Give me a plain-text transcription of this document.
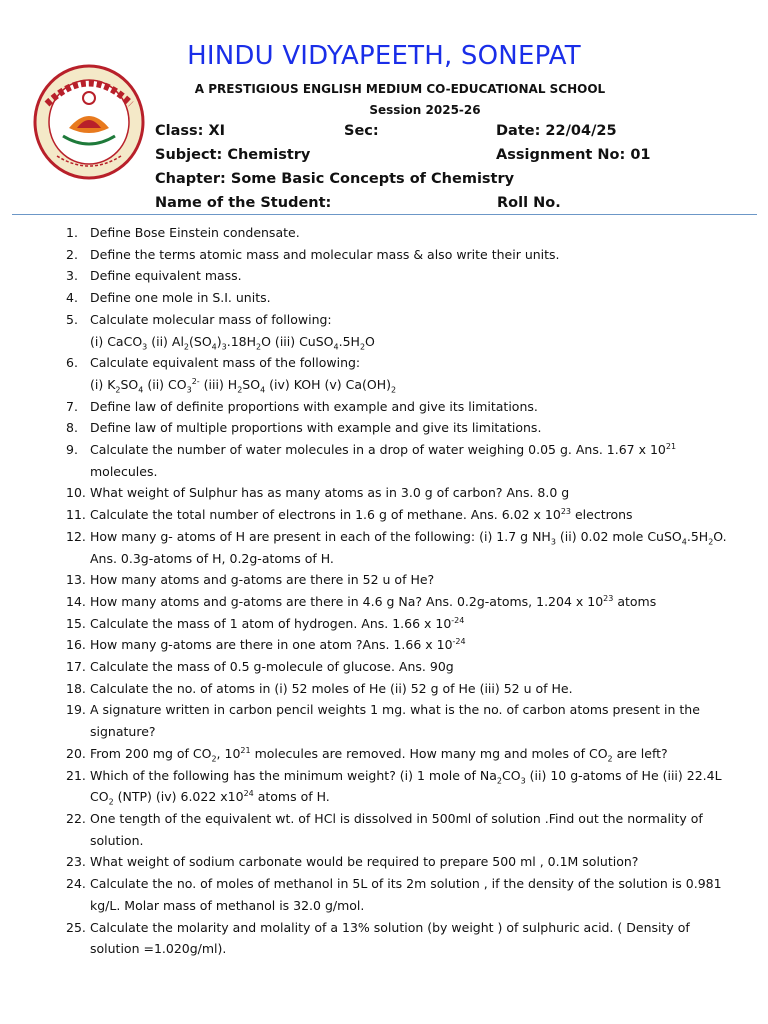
HINDU VIDYAPEETH, SONEPAT
A PRESTIGIOUS ENGLISH MEDIUM CO-EDUCATIONAL SCHOOL
Session 2025-26
Class: XI	Sec:	Date: 22/04/25
Subject: Chemistry	Assignment No: 01
Chapter: Some Basic Concepts of Chemistry
Name of the Student:	Roll No.
1. Define Bose Einstein condensate.
2. Define the terms atomic mass and molecular mass & also write their units.
3. Define equivalent mass.
4. Define one mole in S.I. units.
5. Calculate molecular mass of following:
(i) CaCO$_3$ (ii) $Al_2(SO_4)_3.18H_2O$ (iii) $CuSO_4.5H_2O$
6. Calculate equivalent mass of the following:
(i) $K_2SO_4$ (ii) $CO_3^{2-}$ (iii) $H_2SO_4$ (iv) KOH (v) $Ca(OH)_2$
7. Define law of definite proportions with example and give its limitations.
8. Define law of multiple proportions with example and give its limitations.
9. Calculate the number of water molecules in a drop of water weighing 0.05 g. Ans. 1.67 x $10^{21}$
molecules.
10. What weight of Sulphur has as many atoms as in 3.0 g of carbon? Ans. 8.0 g
11. Calculate the total number of electrons in 1.6 g of methane. Ans. 6.02 x $10^{23}$ electrons
12. How many g- atoms of H are present in each of the following: (i) 1.7 g $NH_3$ (ii) 0.02 mole $CuSO_4.5H_2O$.
Ans. 0.3g-atoms of H, 0.2g-atoms of H.
13. How many atoms and g-atoms are there in 52 u of He?
14. How many atoms and g-atoms are there in 4.6 g Na? Ans. 0.2g-atoms, 1.204 x $10^{23}$ atoms
15. Calculate the mass of 1 atom of hydrogen. Ans. 1.66 x $10^{-24}$
16. How many g-atoms are there in one atom ?Ans. 1.66 x $10^{-24}$
17. Calculate the mass of 0.5 g-molecule of glucose. Ans. 90g
18. Calculate the no. of atoms in (i) 52 moles of He (ii) 52 g of He (iii) 52 u of He.
19. A signature written in carbon pencil weights 1 mg. what is the no. of carbon atoms present in the signature?
20. From 200 mg of $CO_2$, $10^{21}$ molecules are removed. How many mg and moles of $CO_2$ are left?
21. Which of the following has the minimum weight? (i) 1 mole of $Na_2CO_3$ (ii) 10 g-atoms of He (iii) 22.4L
$CO_2$ (NTP) (iv) 6.022 $x10^{24}$ atoms of H.
22. One tength of the equivalent wt. of HCl is dissolved in 500ml of solution .Find out the normality of solution.
23. What weight of sodium carbonate would be required to prepare 500 ml , 0.1M solution?
24. Calculate the no. of moles of methanol in 5L of its 2m solution , if the density of the solution is 0.981 kg/L. Molar mass of methanol is 32.0 g/mol.
25. Calculate the molarity and molality of a 13% solution (by weight ) of sulphuric acid. ( Density of solution =1.020g/ml).
